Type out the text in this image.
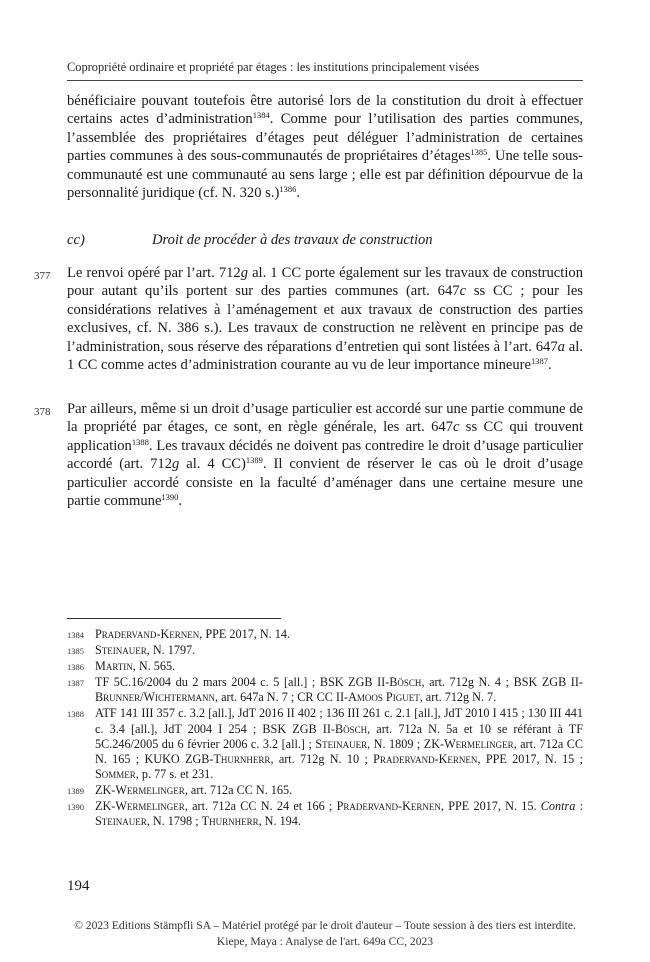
Copropriété ordinaire et propriété par étages : les institutions principalement visées

bénéficiaire pouvant toutefois être autorisé lors de la constitution du droit à effectuer certains actes d’administration$^{1384}$. Comme pour l’utilisation des parties communes, l’assemblée des propriétaires d’étages peut déléguer l’administration de certaines parties communes à des sous-communautés de propriétaires d’étages$^{1385}$. Une telle sous-communauté est une communauté au sens large ; elle est par définition dépourvue de la personnalité juridique (cf. N. 320 s.)$^{1386}$.

cc)	Droit de procéder à des travaux de construction
377 Le renvoi opéré par l’art. 712g al. 1 CC porte également sur les travaux de construction pour autant qu’ils portent sur des parties communes (art. 647c ss CC ; pour les considérations relatives à l’aménagement et aux travaux de construction des parties exclusives, cf. N. 386 s.). Les travaux de construction ne relèvent en principe pas de l’administration, sous réserve des réparations d’entretien qui sont listées à l’art. 647a al. 1 CC comme actes d’administration courante au vu de leur importance mineure$^{1387}$.

378 Par ailleurs, même si un droit d’usage particulier est accordé sur une partie commune de la propriété par étages, ce sont, en règle générale, les art. 647c ss CC qui trouvent application$^{1388}$. Les travaux décidés ne doivent pas contredire le droit d’usage particulier accordé (art. 712g al. 4 CC)$^{1389}$. Il convient de réserver le cas où le droit d’usage particulier accordé consiste en la faculté d’aménager dans une certaine mesure une partie commune$^{1390}$.

1384 Pradervand-Kernen, PPE 2017, N. 14.
1385 Steinauer, N. 1797.
1386 Martin, N. 565.
1387 TF 5C.16/2004 du 2 mars 2004 c. 5 [all.] ; BSK ZGB II-Bösch, art. 712g N. 4 ; BSK ZGB II-Brunner/Wichtermann, art. 647a N. 7 ; CR CC II-Amoos Piguet, art. 712g N. 7.
1388 ATF 141 III 357 c. 3.2 [all.], JdT 2016 II 402 ; 136 III 261 c. 2.1 [all.], JdT 2010 I 415 ; 130 III 441 c. 3.4 [all.], JdT 2004 I 254 ; BSK ZGB II-Bösch, art. 712a N. 5a et 10 se référant à TF 5C.246/2005 du 6 février 2006 c. 3.2 [all.] ; Steinauer, N. 1809 ; ZK-Wermelinger, art. 712a CC N. 165 ; KUKO ZGB-Thurnherr, art. 712g N. 10 ; Pradervand-Kernen, PPE 2017, N. 15 ; Sommer, p. 77 s. et 231.
1389 ZK-Wermelinger, art. 712a CC N. 165.
1390 ZK-Wermelinger, art. 712a CC N. 24 et 166 ; Pradervand-Kernen, PPE 2017, N. 15. Contra : Steinauer, N. 1798 ; Thurnherr, N. 194.
194
© 2023 Editions Stämpfli SA – Matériel protégé par le droit d'auteur – Toute session à des tiers est interdite.
Kiepe, Maya : Analyse de l'art. 649a CC, 2023
